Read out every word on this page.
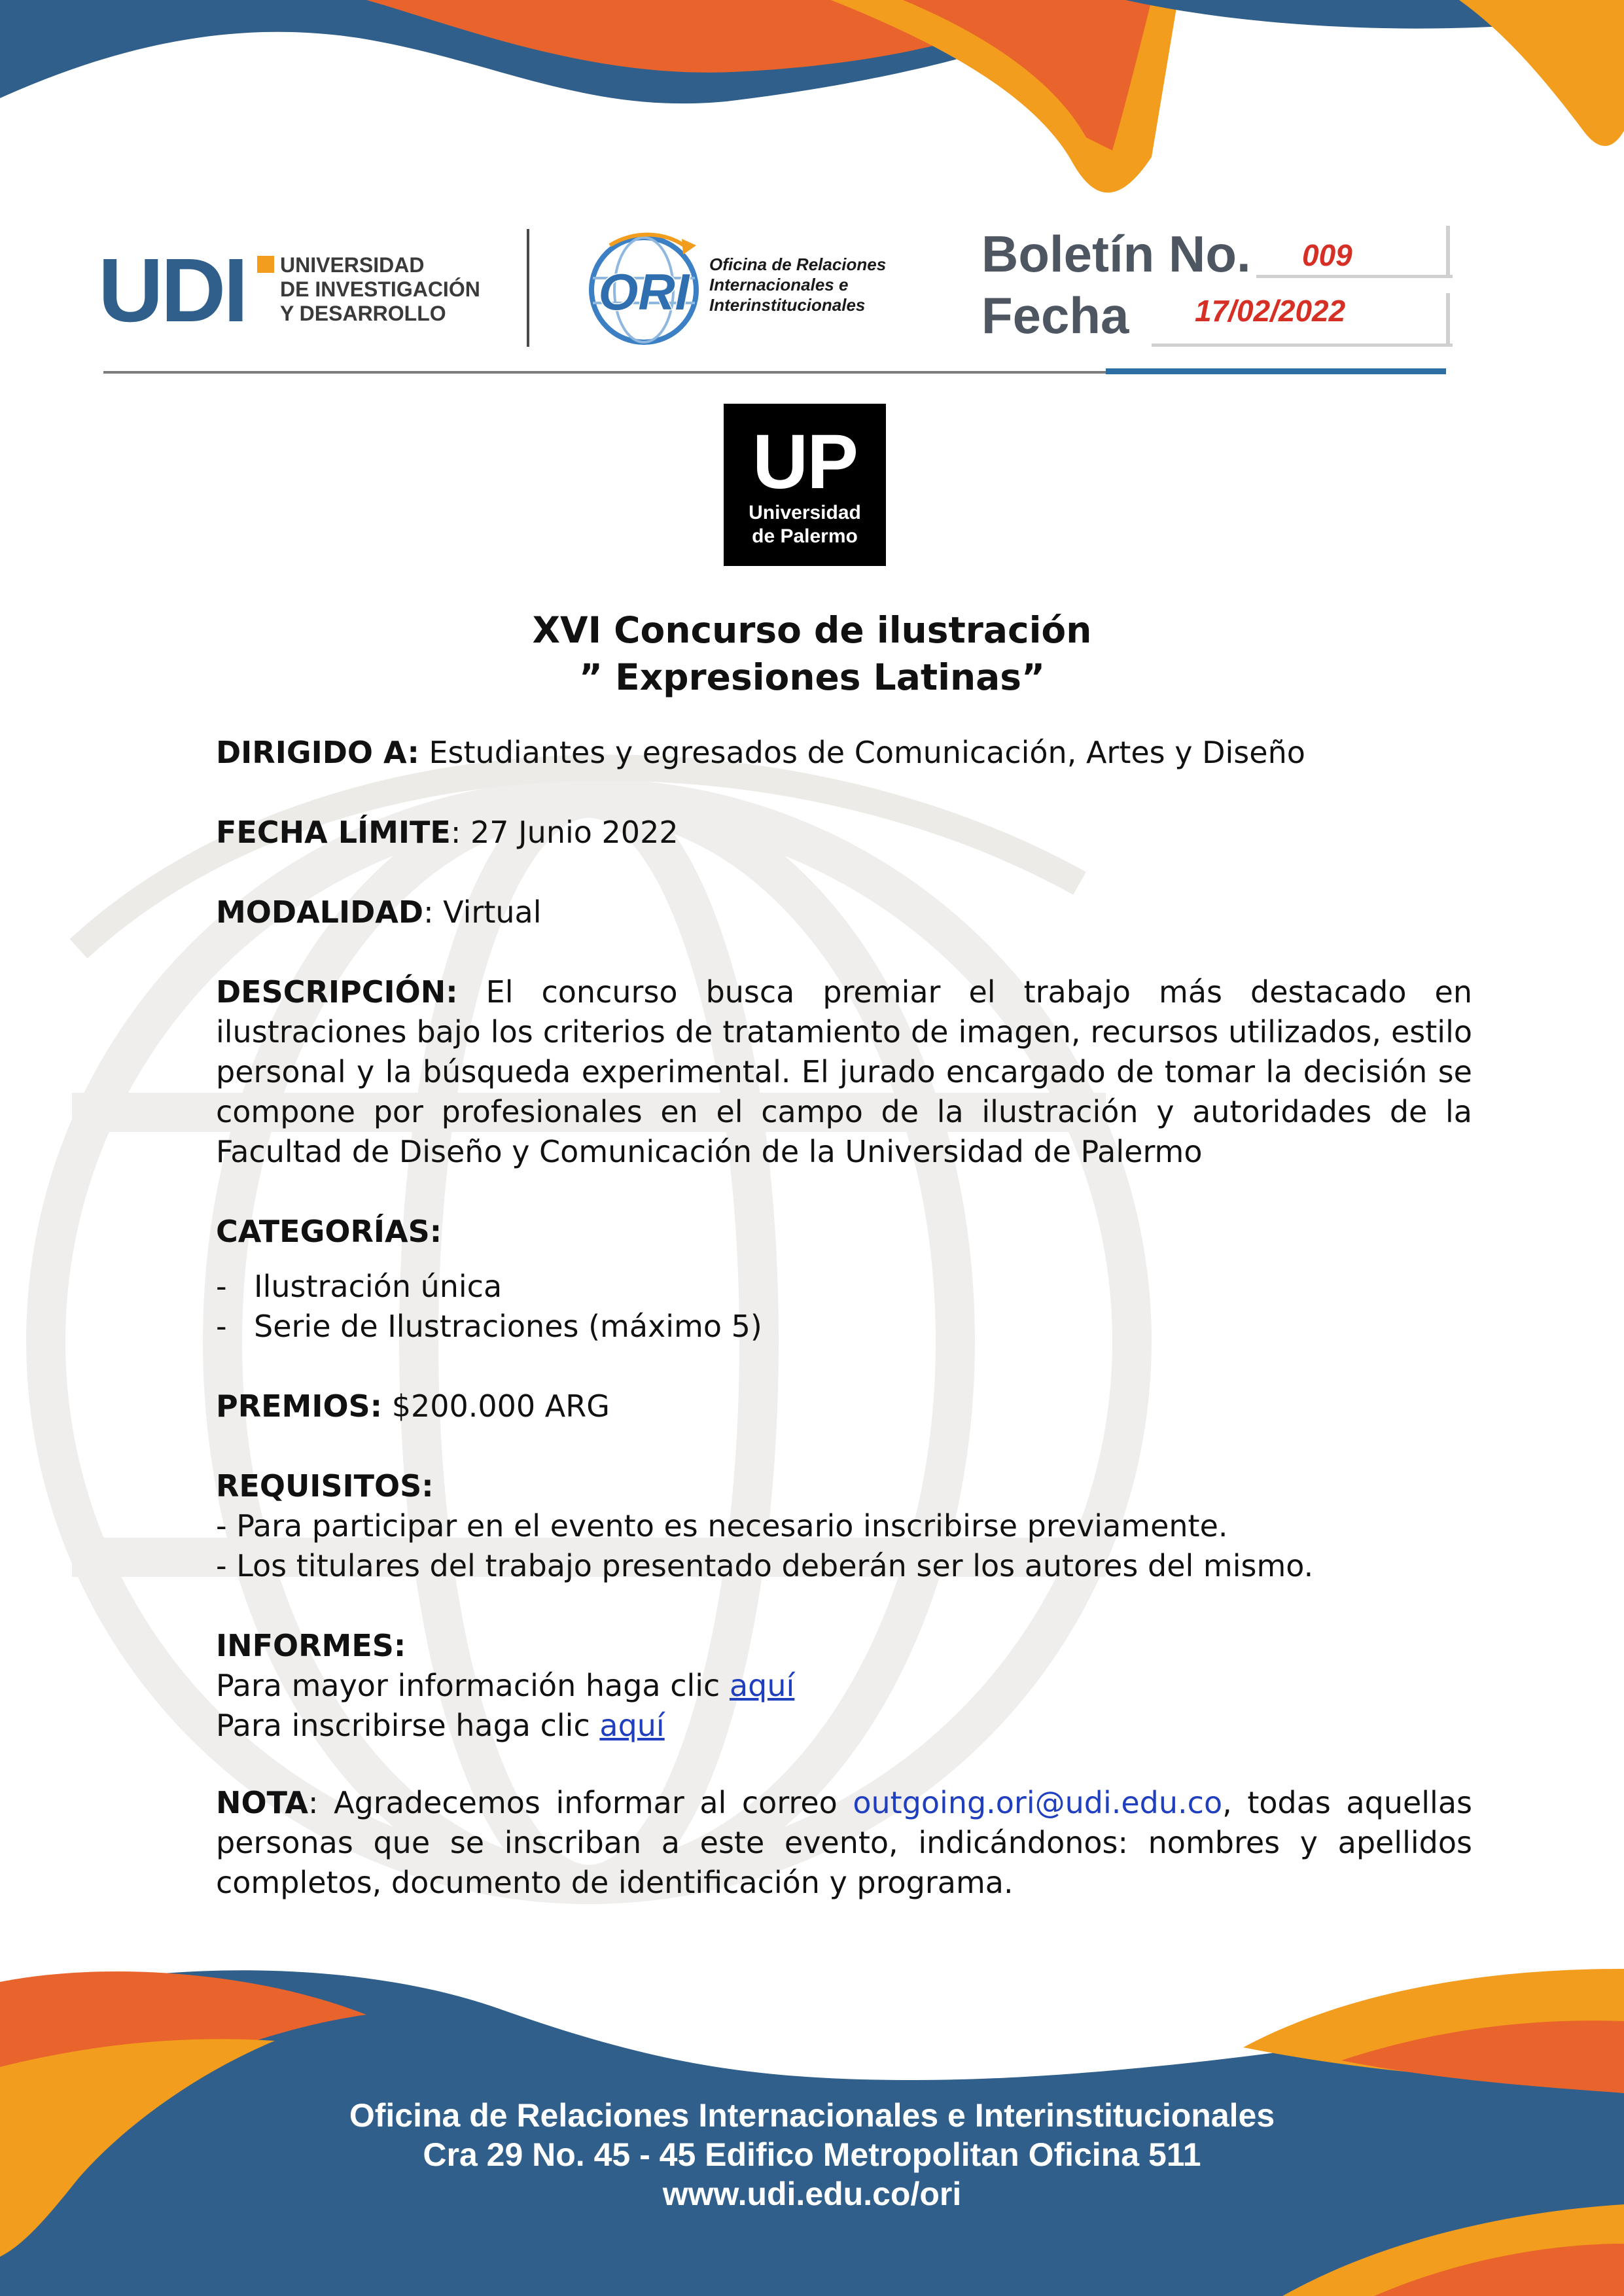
UDI UNIVERSIDAD
DE INVESTIGACIÓN
Y DESARROLLO	ORI Oficina de Relaciones
Internacionales e
Interinstitucionales
Boletín No. 009
Fecha 17/02/2022
UP
Universidad
de Palermo
XVI Concurso de ilustración
” Expresiones Latinas”

DIRIGIDO A: Estudiantes y egresados de Comunicación, Artes y Diseño

FECHA LÍMITE: 27 Junio 2022

MODALIDAD: Virtual

DESCRIPCIÓN: El concurso busca premiar el trabajo más destacado en ilustraciones bajo los criterios de tratamiento de imagen, recursos utilizados, estilo personal y la búsqueda experimental. El jurado encargado de tomar la decisión se compone por profesionales en el campo de la ilustración y autoridades de la Facultad de Diseño y Comunicación de la Universidad de Palermo

CATEGORÍAS:

- Ilustración única
- Serie de Ilustraciones (máximo 5)

PREMIOS: $200.000 ARG

REQUISITOS:

- Para participar en el evento es necesario inscribirse previamente.

- Los titulares del trabajo presentado deberán ser los autores del mismo.

INFORMES:

Para mayor información haga clic aquí

Para inscribirse haga clic aquí

NOTA: Agradecemos informar al correo outgoing.ori@udi.edu.co, todas aquellas personas que se inscriban a este evento, indicándonos: nombres y apellidos completos, documento de identificación y programa.

Oficina de Relaciones Internacionales e Interinstitucionales
Cra 29 No. 45 - 45 Edifico Metropolitan Oficina 511
www.udi.edu.co/ori
